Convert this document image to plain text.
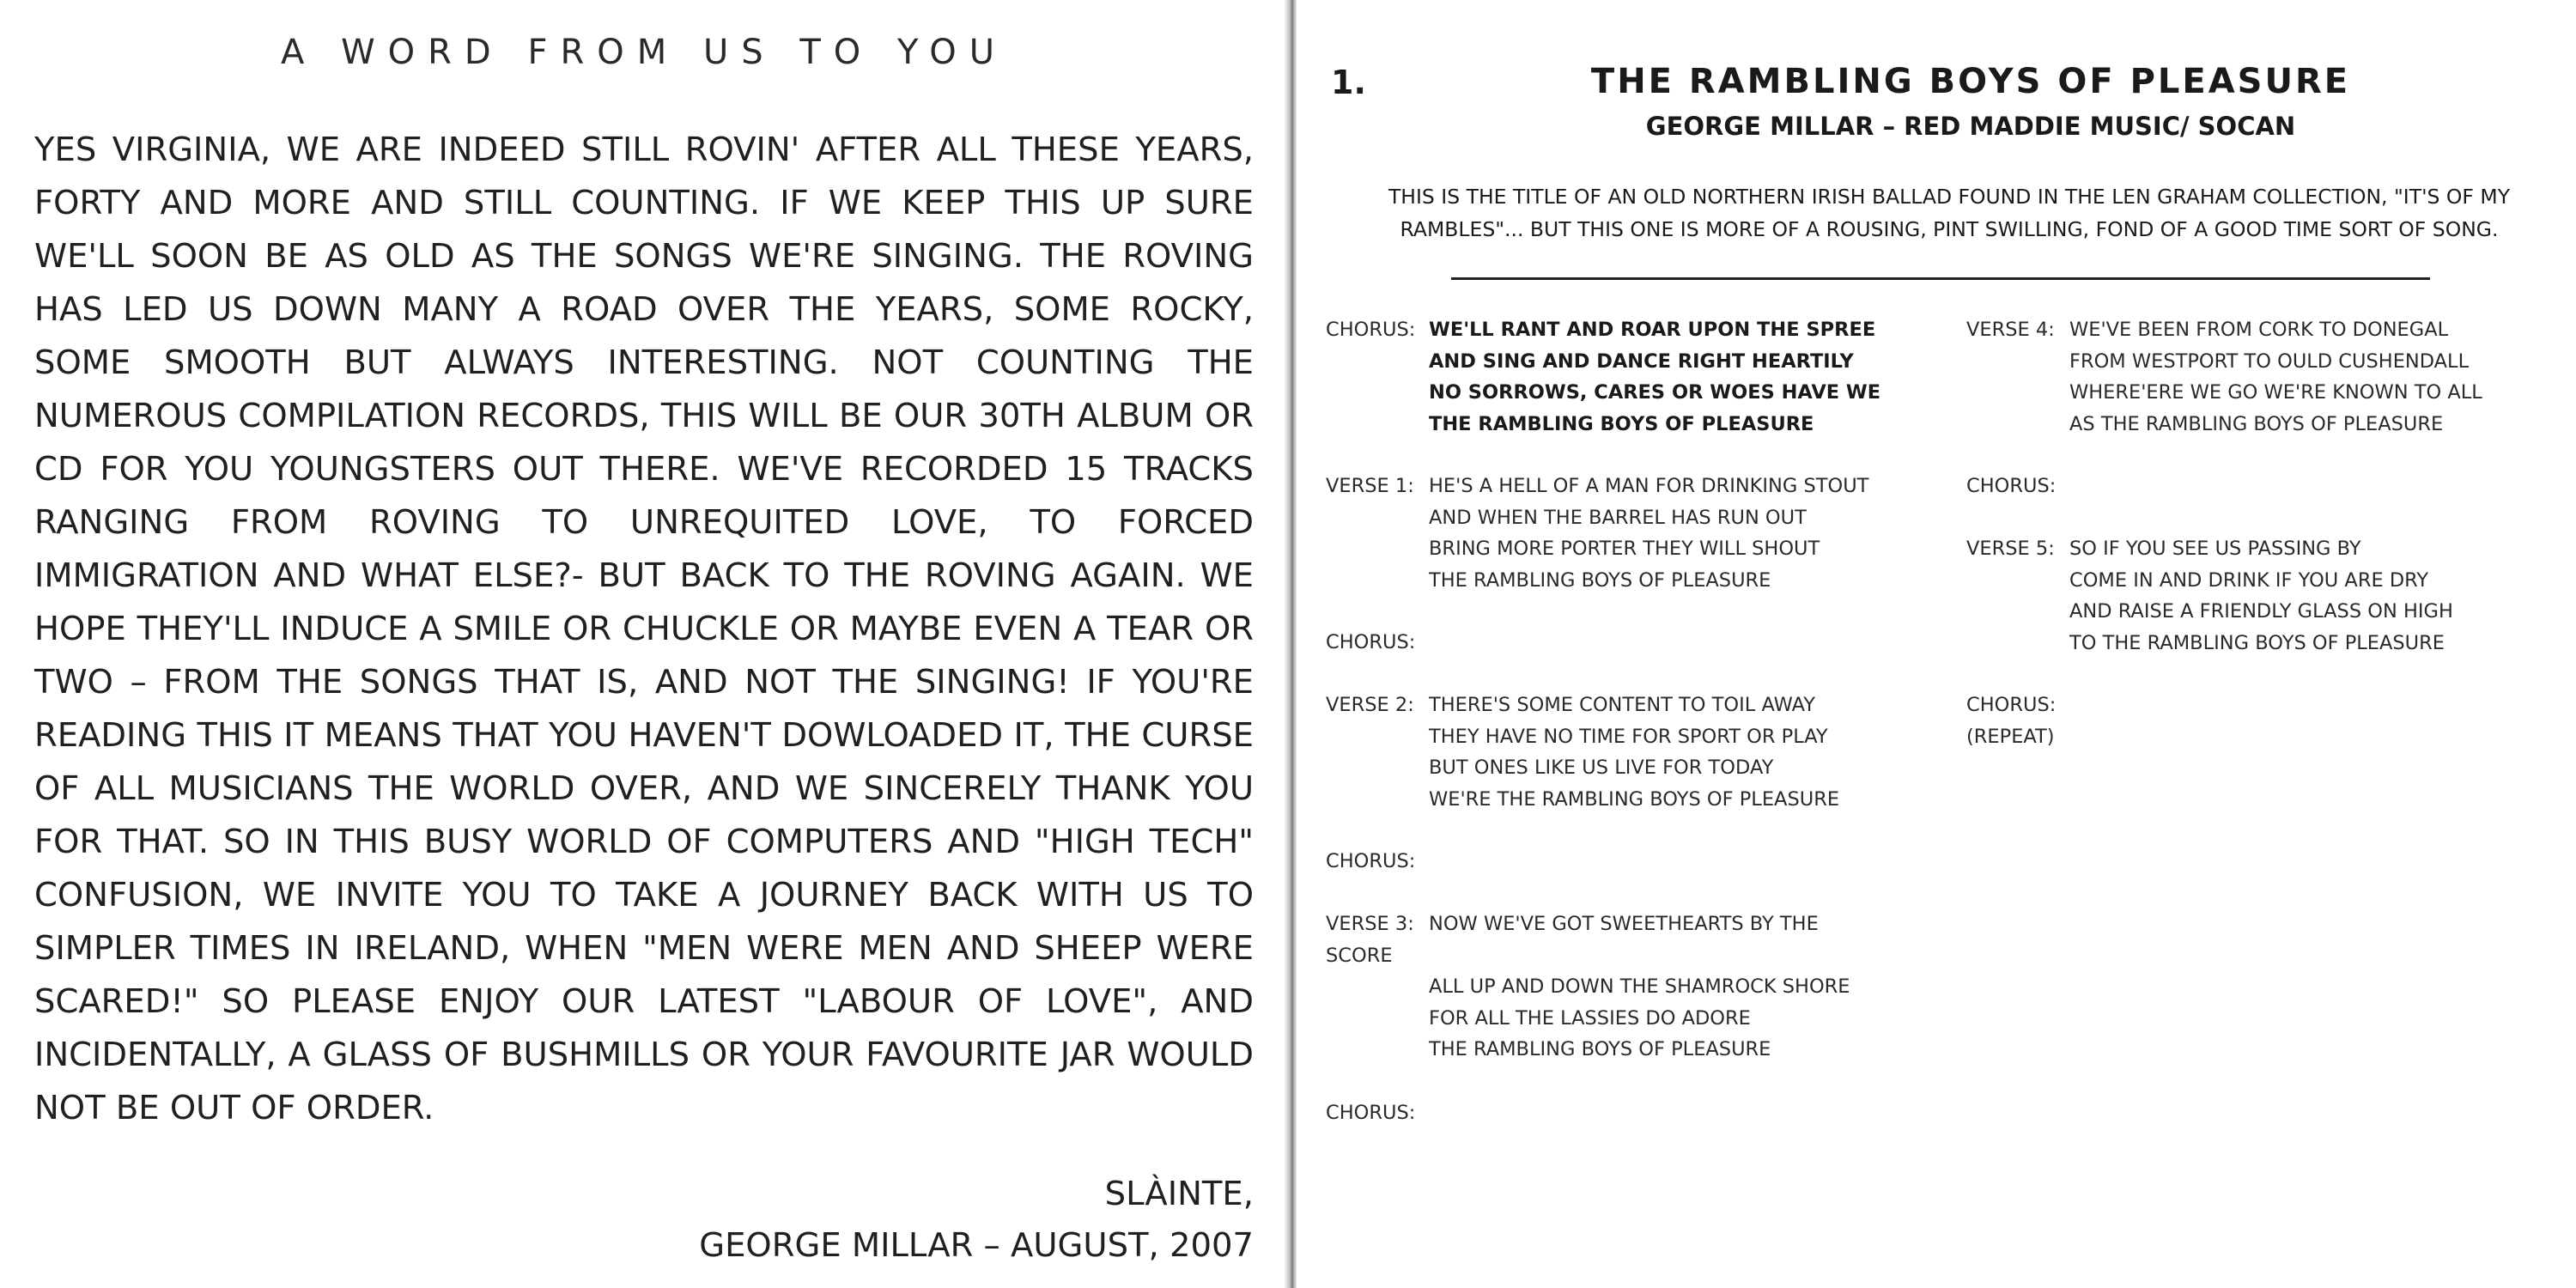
A WORD FROM US TO YOU

YES VIRGINIA, WE ARE INDEED STILL ROVIN' AFTER ALL THESE YEARS, FORTY AND MORE AND STILL COUNTING. IF WE KEEP THIS UP SURE WE'LL SOON BE AS OLD AS THE SONGS WE'RE SINGING. THE ROVING HAS LED US DOWN MANY A ROAD OVER THE YEARS, SOME ROCKY, SOME SMOOTH BUT ALWAYS INTERESTING. NOT COUNTING THE NUMEROUS COMPILATION RECORDS, THIS WILL BE OUR 30TH ALBUM OR CD FOR YOU YOUNGSTERS OUT THERE. WE'VE RECORDED 15 TRACKS RANGING FROM ROVING TO UNREQUITED LOVE, TO FORCED IMMIGRATION AND WHAT ELSE?- BUT BACK TO THE ROVING AGAIN. WE HOPE THEY'LL INDUCE A SMILE OR CHUCKLE OR MAYBE EVEN A TEAR OR TWO – FROM THE SONGS THAT IS, AND NOT THE SINGING! IF YOU'RE READING THIS IT MEANS THAT YOU HAVEN'T DOWLOADED IT, THE CURSE OF ALL MUSICIANS THE WORLD OVER, AND WE SINCERELY THANK YOU FOR THAT. SO IN THIS BUSY WORLD OF COMPUTERS AND "HIGH TECH" CONFUSION, WE INVITE YOU TO TAKE A JOURNEY BACK WITH US TO SIMPLER TIMES IN IRELAND, WHEN "MEN WERE MEN AND SHEEP WERE SCARED!" SO PLEASE ENJOY OUR LATEST "LABOUR OF LOVE", AND INCIDENTALLY, A GLASS OF BUSHMILLS OR YOUR FAVOURITE JAR WOULD NOT BE OUT OF ORDER.

SLÀINTE,
GEORGE MILLAR – AUGUST, 2007
1.	THE RAMBLING BOYS OF PLEASURE
GEORGE MILLAR – RED MADDIE MUSIC/ SOCAN
THIS IS THE TITLE OF AN OLD NORTHERN IRISH BALLAD FOUND IN THE LEN GRAHAM COLLECTION, "IT'S OF MY
RAMBLES"... BUT THIS ONE IS MORE OF A ROUSING, PINT SWILLING, FOND OF A GOOD TIME SORT OF SONG.
CHORUS: WE'LL RANT AND ROAR UPON THE SPREE
AND SING AND DANCE RIGHT HEARTILY
NO SORROWS, CARES OR WOES HAVE WE
THE RAMBLING BOYS OF PLEASURE
VERSE 1: HE'S A HELL OF A MAN FOR DRINKING STOUT
AND WHEN THE BARREL HAS RUN OUT
BRING MORE PORTER THEY WILL SHOUT
THE RAMBLING BOYS OF PLEASURE
CHORUS:
VERSE 2: THERE'S SOME CONTENT TO TOIL AWAY
THEY HAVE NO TIME FOR SPORT OR PLAY
BUT ONES LIKE US LIVE FOR TODAY
WE'RE THE RAMBLING BOYS OF PLEASURE
CHORUS:
VERSE 3: NOW WE'VE GOT SWEETHEARTS BY THE
SCORE
ALL UP AND DOWN THE SHAMROCK SHORE
FOR ALL THE LASSIES DO ADORE
THE RAMBLING BOYS OF PLEASURE
CHORUS:
VERSE 4: WE'VE BEEN FROM CORK TO DONEGAL
FROM WESTPORT TO OULD CUSHENDALL
WHERE'ERE WE GO WE'RE KNOWN TO ALL
AS THE RAMBLING BOYS OF PLEASURE
CHORUS:
VERSE 5: SO IF YOU SEE US PASSING BY
COME IN AND DRINK IF YOU ARE DRY
AND RAISE A FRIENDLY GLASS ON HIGH
TO THE RAMBLING BOYS OF PLEASURE
CHORUS:
(REPEAT)
